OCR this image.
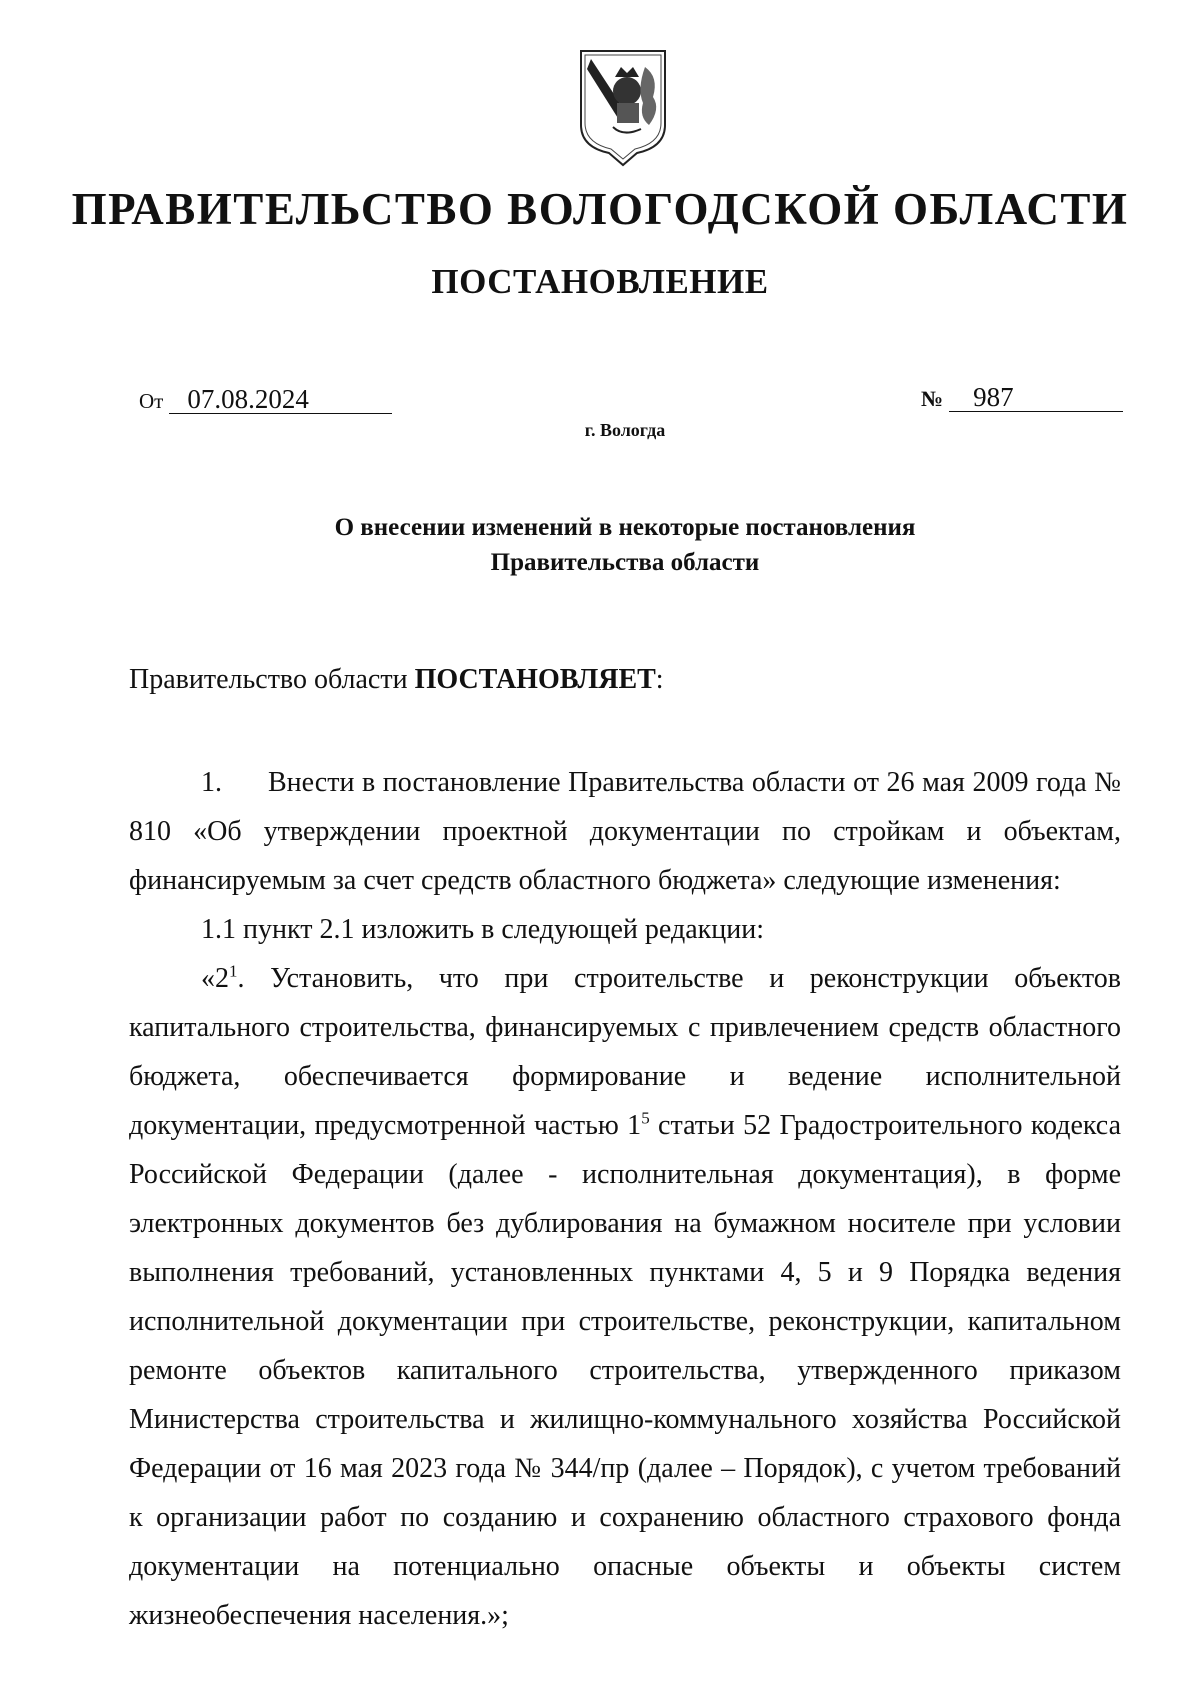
ПРАВИТЕЛЬСТВО ВОЛОГОДСКОЙ ОБЛАСТИ
ПОСТАНОВЛЕНИЕ
От 07.08.2024	№ 987
г. Вологда
О внесении изменений в некоторые постановления
Правительства области
Правительство области ПОСТАНОВЛЯЕТ:

1. Внести в постановление Правительства области от 26 мая 2009 года № 810 «Об утверждении проектной документации по стройкам и объектам, финансируемым за счет средств областного бюджета» следующие изменения:

1.1 пункт 2.1 изложить в следующей редакции:

«$2^1$. Установить, что при строительстве и реконструкции объектов капитального строительства, финансируемых с привлечением средств областного бюджета, обеспечивается формирование и ведение исполнительной документации, предусмотренной частью $1^5$ статьи 52 Градостроительного кодекса Российской Федерации (далее - исполнительная документация), в форме электронных документов без дублирования на бумажном носителе при условии выполнения требований, установленных пунктами 4, 5 и 9 Порядка ведения исполнительной документации при строительстве, реконструкции, капитальном ремонте объектов капитального строительства, утвержденного приказом Министерства строительства и жилищно-коммунального хозяйства Российской Федерации от 16 мая 2023 года № 344/пр (далее – Порядок), с учетом требований к организации работ по созданию и сохранению областного страхового фонда документации на потенциально опасные объекты и объекты систем жизнеобеспечения населения.»;
